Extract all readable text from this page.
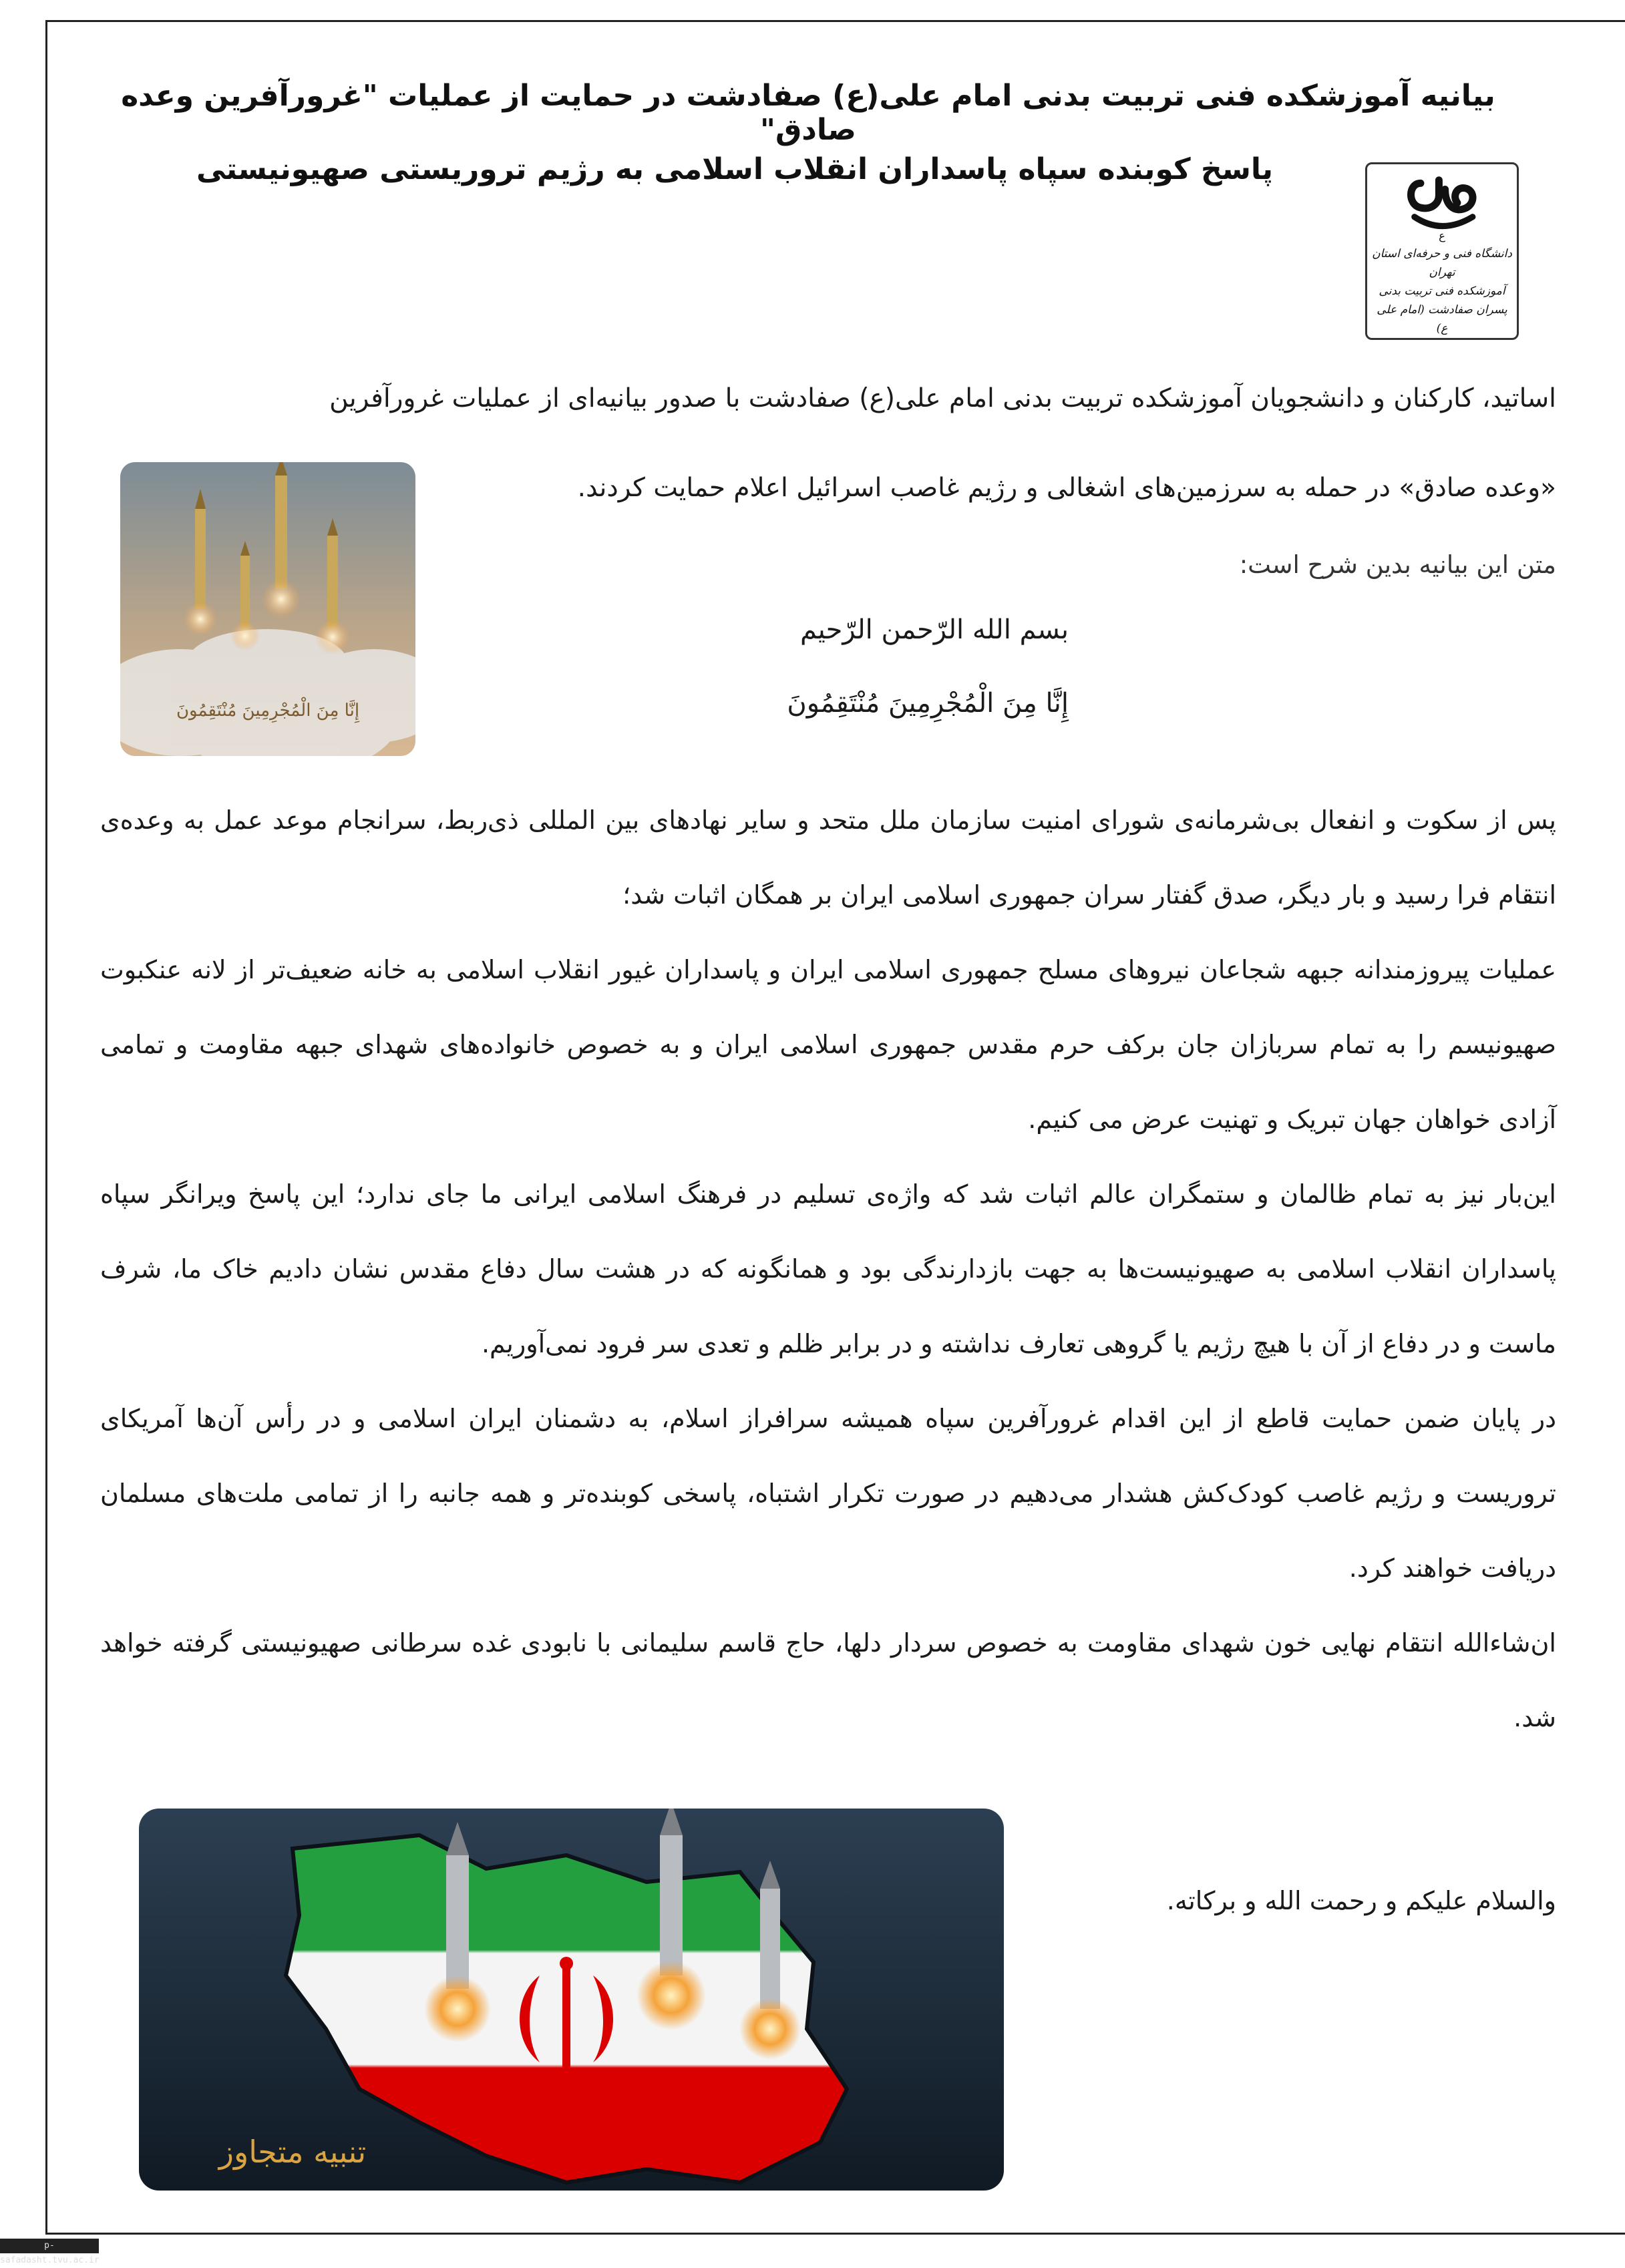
بیانیه آموزشکده فنی تربیت بدنی امام علی(ع) صفادشت در حمایت از عملیات "غرورآفرین وعده صادق"
پاسخ کوبنده سپاه پاسداران انقلاب اسلامی به رژیم تروریستی صهیونیستی
ع
دانشگاه فنی و حرفه‌ای استان تهران
آموزشکده فنی تربیت بدنی
پسران صفادشت (امام علی ع)
اساتید، کارکنان و دانشجویان آموزشکده تربیت بدنی امام علی(ع) صفادشت با صدور بیانیه‌ای از عملیات غرورآفرین
«وعده صادق» در حمله به سرزمین‌های اشغالی و رژیم غاصب اسرائیل اعلام حمایت کردند.
متن این بیانیه بدین شرح است:
بسم الله الرّحمن الرّحیم
إِنَّا مِنَ الْمُجْرِمِينَ مُنْتَقِمُونَ
إِنَّا مِنَ الْمُجْرِمِينَ مُنْتَقِمُونَ

پس از سکوت و انفعال بی‌شرمانه‌ی شورای امنیت سازمان ملل متحد و سایر نهادهای بین المللی ذی‌ربط، سرانجام موعد عمل به وعده‌ی انتقام فرا رسید و بار دیگر، صدق گفتار سران جمهوری اسلامی ایران بر همگان اثبات شد؛

عملیات پیروزمندانه جبهه شجاعان نیروهای مسلح جمهوری اسلامی ایران و پاسداران غیور انقلاب اسلامی به خانه ضعیف‌تر از لانه عنکبوت صهیونیسم را به تمام سربازان جان برکف حرم مقدس جمهوری اسلامی ایران و به خصوص خانواده‌های شهدای جبهه مقاومت و تمامی آزادی خواهان جهان تبریک و تهنیت عرض می کنیم.

این‌بار نیز به تمام ظالمان و ستمگران عالم اثبات شد که واژه‌ی تسلیم در فرهنگ اسلامی ایرانی ما جای ندارد؛ این پاسخ ویرانگر سپاه پاسداران انقلاب اسلامی به صهیونیست‌ها به جهت بازدارندگی بود و همانگونه که در هشت سال دفاع مقدس نشان دادیم خاک ما، شرف ماست و در دفاع از آن با هیچ رژیم یا گروهی تعارف نداشته و در برابر ظلم و تعدی سر فرود نمی‌آوریم.

در پایان ضمن حمایت قاطع از این اقدام غرورآفرین سپاه همیشه سرافراز اسلام، به دشمنان ایران اسلامی و در رأس آن‌ها آمریکای تروریست و رژیم غاصب کودک‌کش هشدار می‌دهیم در صورت تکرار اشتباه، پاسخی کوبنده‌تر و همه جانبه را از تمامی ملت‌های مسلمان دریافت خواهند کرد.

ان‌شاءالله انتقام نهایی خون شهدای مقاومت به خصوص سردار دلها، حاج قاسم سلیمانی با نابودی غده سرطانی صهیونیستی گرفته خواهد شد.

والسلام علیکم و رحمت الله و برکاته.
تنبیه متجاوز
p-safadasht.tvu.ac.ir
